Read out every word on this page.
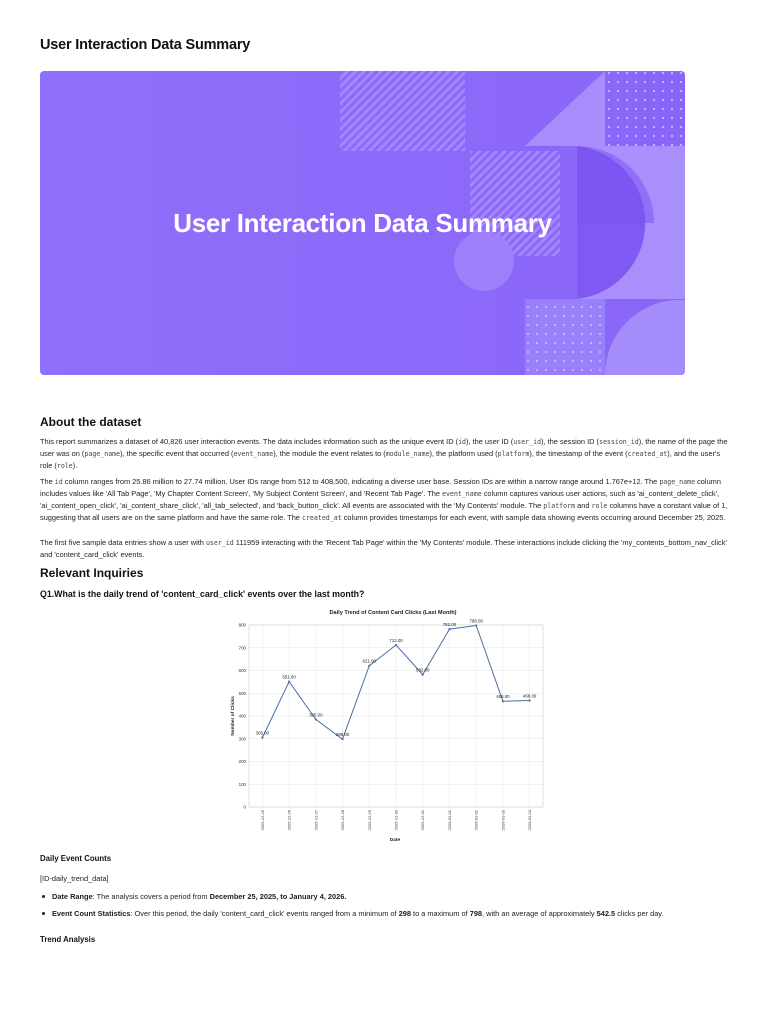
User Interaction Data Summary
User Interaction Data Summary
About the dataset
This report summarizes a dataset of 40,826 user interaction events. The data includes information such as the unique event ID (id), the user ID (user_id), the session ID (session_id), the name of the page the user was on (page_name), the specific event that occurred (event_name), the module the event relates to (module_name), the platform used (platform), the timestamp of the event (created_at), and the user's role (role).
The id column ranges from 25.86 million to 27.74 million. User IDs range from 512 to 408,500, indicating a diverse user base. Session IDs are within a narrow range around 1.767e+12. The page_name column includes values like 'All Tab Page', 'My Chapter Content Screen', 'My Subject Content Screen', and 'Recent Tab Page'. The event_name column captures various user actions, such as 'ai_content_delete_click', 'ai_content_open_click', 'ai_content_share_click', 'all_tab_selected', and 'back_button_click'. All events are associated with the 'My Contents' module. The platform and role columns have a constant value of 1, suggesting that all users are on the same platform and have the same role. The created_at column provides timestamps for each event, with sample data showing events occurring around December 25, 2025.
The first five sample data entries show a user with user_id 111959 interacting with the 'Recent Tab Page' within the 'My Contents' module. These interactions include clicking the 'my_contents_bottom_nav_click' and 'content_card_click' events.
Relevant Inquiries
Q1.What is the daily trend of 'content_card_click' events over the last month?
Daily Trend of Content Card Clicks (Last Month)
0
100
200
300
400
500
600
700
800
2025-12-25	2025-12-26	2025-12-27	2025-12-28	2025-12-29	2025-12-30	2025-12-31	2026-01-01	2026-01-02	2026-01-03	2026-01-04
305.00
551.00
385.00
298.00
621.00
712.00
582.00
782.00
798.00
465.00	468.00
Number of Clicks
Date
Daily Event Counts
[ID-daily_trend_data]
Date Range: The analysis covers a period from December 25, 2025, to January 4, 2026.
Event Count Statistics: Over this period, the daily 'content_card_click' events ranged from a minimum of 298 to a maximum of 798, with an average of approximately 542.5 clicks per day.
Trend Analysis
